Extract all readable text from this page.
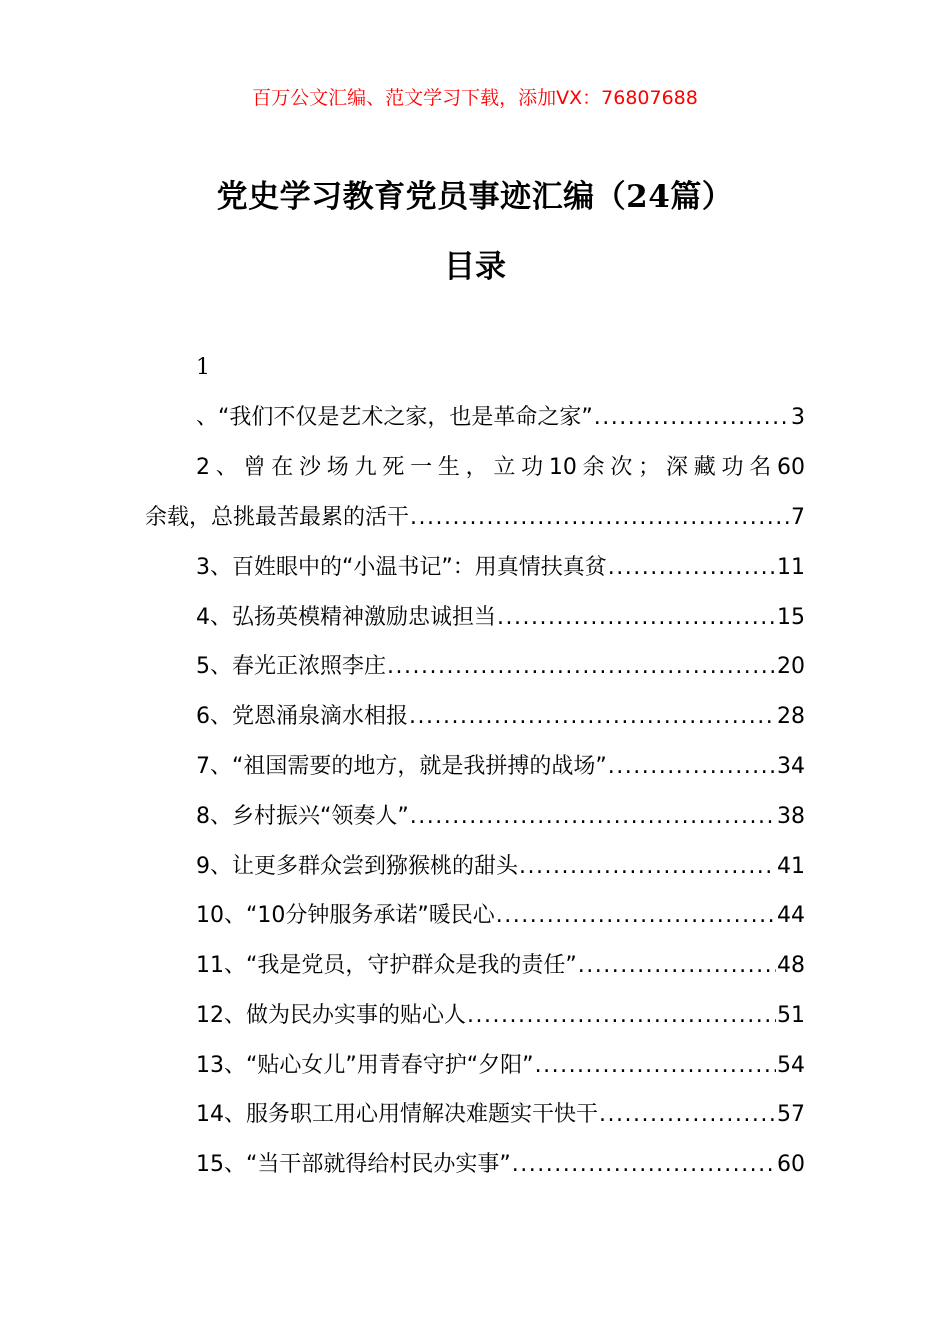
百万公文汇编、范文学习下载，添加VX：76807688
党史学习教育党员事迹汇编（24篇）
目录
1
、“我们不仅是艺术之家，也是革命之家” .....	3
2、曾在沙场九死一生，立功10余次；深藏功名60
余载，总挑最苦最累的活干 .....	7
3、百姓眼中的“小温书记”：用真情扶真贫 .....	11
4、弘扬英模精神激励忠诚担当 .....	15
5、春光正浓照李庄 .....	20
6、党恩涌泉滴水相报 .....	28
7、“祖国需要的地方，就是我拼搏的战场” .....	34
8、乡村振兴“领奏人” .....	38
9、让更多群众尝到猕猴桃的甜头 .....	41
10、“10分钟服务承诺”暖民心 .....	44
11、“我是党员，守护群众是我的责任” .....	48
12、做为民办实事的贴心人 .....	51
13、“贴心女儿”用青春守护“夕阳” .....	54
14、服务职工用心用情解决难题实干快干 .....	57
15、“当干部就得给村民办实事” .....	60
